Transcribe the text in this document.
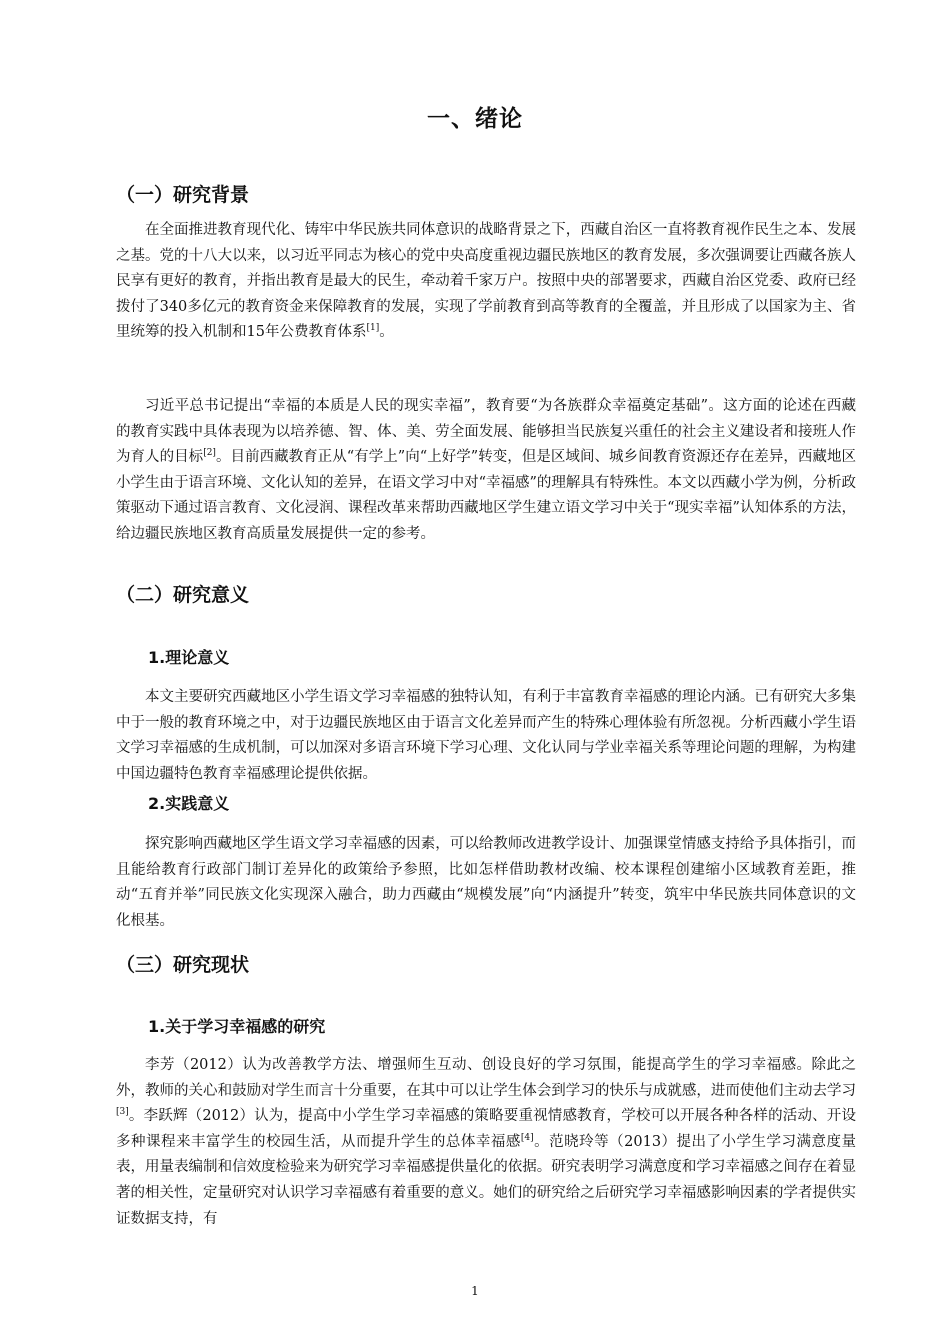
一、绪论
（一）研究背景

在全面推进教育现代化、铸牢中华民族共同体意识的战略背景之下，西藏自治区一直将教育视作民生之本、发展之基。党的十八大以来，以习近平同志为核心的党中央高度重视边疆民族地区的教育发展，多次强调要让西藏各族人民享有更好的教育，并指出教育是最大的民生，牵动着千家万户。按照中央的部署要求，西藏自治区党委、政府已经拨付了340多亿元的教育资金来保障教育的发展，实现了学前教育到高等教育的全覆盖，并且形成了以国家为主、省里统筹的投入机制和15年公费教育体系[1]。

习近平总书记提出“幸福的本质是人民的现实幸福”，教育要“为各族群众幸福奠定基础”。这方面的论述在西藏的教育实践中具体表现为以培养德、智、体、美、劳全面发展、能够担当民族复兴重任的社会主义建设者和接班人作为育人的目标[2]。目前西藏教育正从“有学上”向“上好学”转变，但是区域间、城乡间教育资源还存在差异，西藏地区小学生由于语言环境、文化认知的差异，在语文学习中对“幸福感”的理解具有特殊性。本文以西藏小学为例，分析政策驱动下通过语言教育、文化浸润、课程改革来帮助西藏地区学生建立语文学习中关于“现实幸福”认知体系的方法，给边疆民族地区教育高质量发展提供一定的参考。

（二）研究意义
1.理论意义

本文主要研究西藏地区小学生语文学习幸福感的独特认知，有利于丰富教育幸福感的理论内涵。已有研究大多集中于一般的教育环境之中，对于边疆民族地区由于语言文化差异而产生的特殊心理体验有所忽视。分析西藏小学生语文学习幸福感的生成机制，可以加深对多语言环境下学习心理、文化认同与学业幸福关系等理论问题的理解，为构建中国边疆特色教育幸福感理论提供依据。

2.实践意义

探究影响西藏地区学生语文学习幸福感的因素，可以给教师改进教学设计、加强课堂情感支持给予具体指引，而且能给教育行政部门制订差异化的政策给予参照，比如怎样借助教材改编、校本课程创建缩小区域教育差距，推动“五育并举”同民族文化实现深入融合，助力西藏由“规模发展”向“内涵提升”转变，筑牢中华民族共同体意识的文化根基。

（三）研究现状
1.关于学习幸福感的研究

李芳（2012）认为改善教学方法、增强师生互动、创设良好的学习氛围，能提高学生的学习幸福感。除此之外，教师的关心和鼓励对学生而言十分重要，在其中可以让学生体会到学习的快乐与成就感，进而使他们主动去学习[3]。李跃辉（2012）认为，提高中小学生学习幸福感的策略要重视情感教育，学校可以开展各种各样的活动、开设多种课程来丰富学生的校园生活，从而提升学生的总体幸福感[4]。范晓玲等（2013）提出了小学生学习满意度量表，用量表编制和信效度检验来为研究学习幸福感提供量化的依据。研究表明学习满意度和学习幸福感之间存在着显著的相关性，定量研究对认识学习幸福感有着重要的意义。她们的研究给之后研究学习幸福感影响因素的学者提供实证数据支持，有

1
